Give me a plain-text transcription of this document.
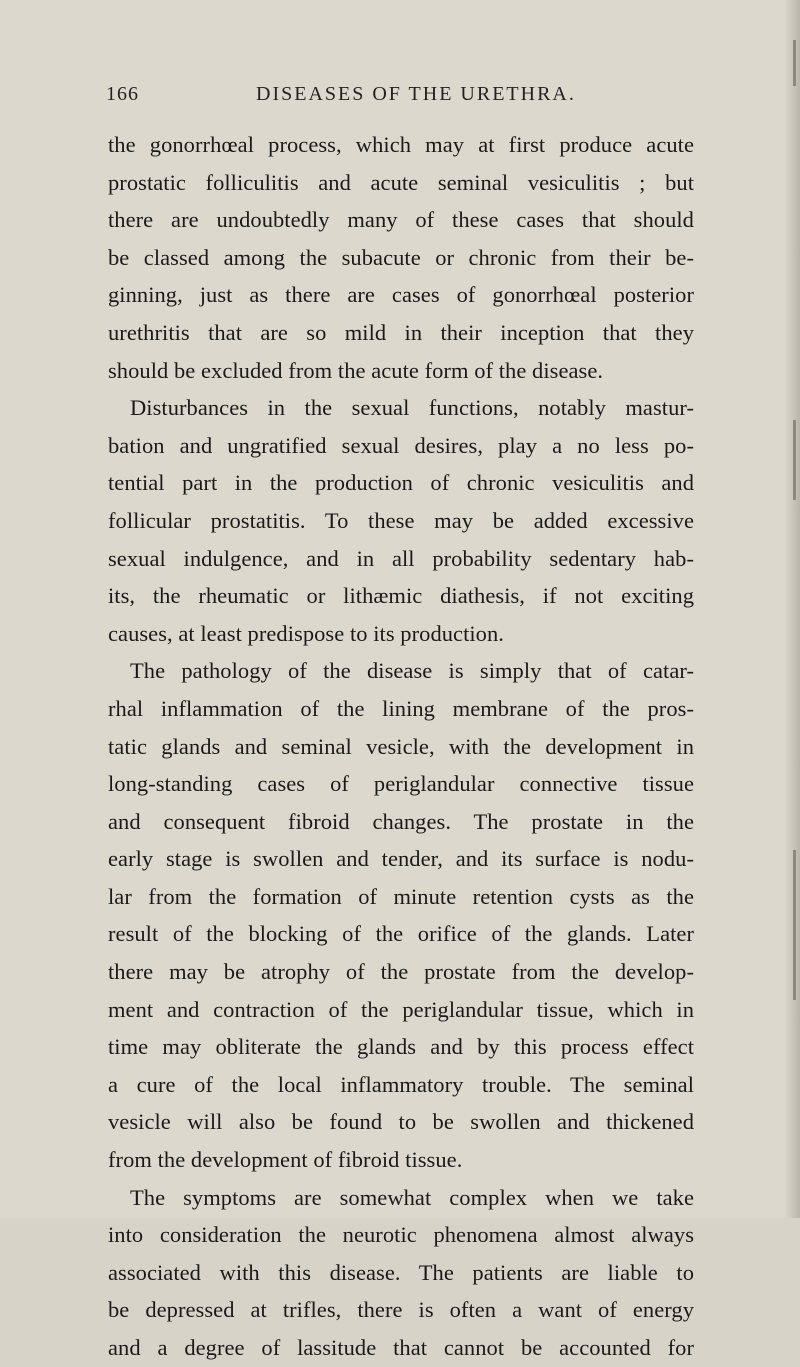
166	DISEASES OF THE URETHRA.
the gonorrhœal process, which may at first produce acute
prostatic folliculitis and acute seminal vesiculitis ; but
there are undoubtedly many of these cases that should
be classed among the subacute or chronic from their be-
ginning, just as there are cases of gonorrhœal posterior
urethritis that are so mild in their inception that they
should be excluded from the acute form of the disease.
Disturbances in the sexual functions, notably mastur-
bation and ungratified sexual desires, play a no less po-
tential part in the production of chronic vesiculitis and
follicular prostatitis. To these may be added excessive
sexual indulgence, and in all probability sedentary hab-
its, the rheumatic or lithæmic diathesis, if not exciting
causes, at least predispose to its production.
The pathology of the disease is simply that of catar-
rhal inflammation of the lining membrane of the pros-
tatic glands and seminal vesicle, with the development in
long-standing cases of periglandular connective tissue
and consequent fibroid changes. The prostate in the
early stage is swollen and tender, and its surface is nodu-
lar from the formation of minute retention cysts as the
result of the blocking of the orifice of the glands. Later
there may be atrophy of the prostate from the develop-
ment and contraction of the periglandular tissue, which in
time may obliterate the glands and by this process effect
a cure of the local inflammatory trouble. The seminal
vesicle will also be found to be swollen and thickened
from the development of fibroid tissue.
The symptoms are somewhat complex when we take
into consideration the neurotic phenomena almost always
associated with this disease. The patients are liable to
be depressed at trifles, there is often a want of energy
and a degree of lassitude that cannot be accounted for
